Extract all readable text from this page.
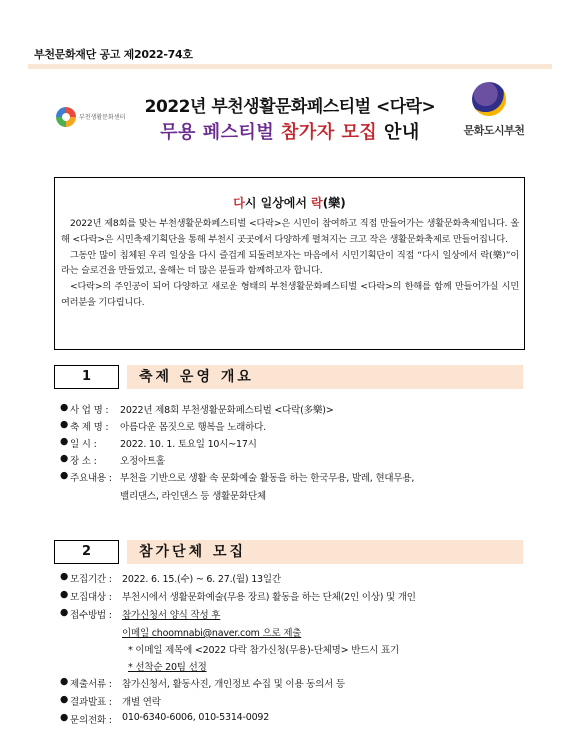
부천문화재단 공고 제2022-74호
부천생활문화센터
2022년 부천생활문화페스티벌 <다락>
무용 페스티벌 참가자 모집 안내	문화도시부천
다시 일상에서 락(樂)

2022년 제8회를 맞는 부천생활문화페스티벌 <다락>은 시민이 참여하고 직접 만들어가는 생활문화축제입니다. 올해 <다락>은 시민축제기획단을 통해 부천시 곳곳에서 다양하게 펼쳐지는 크고 작은 생활문화축제로 만들어집니다.

그동안 많이 침체된 우리 일상을 다시 즐겁게 되돌려보자는 마음에서 시민기획단이 직접 “다시 일상에서 락(樂)”이라는 슬로건을 만들었고, 올해는 더 많은 분들과 함께하고자 합니다.

<다락>의 주인공이 되어 다양하고 새로운 형태의 부천생활문화페스티벌 <다락>의 한해를 함께 만들어가실 시민 여러분을 기다립니다.

1	축제 운영 개요
● 사 업 명 : 2022년 제8회 부천생활문화페스티벌 <다락(多樂)>
● 축 제 명 : 아름다운 몸짓으로 행복을 노래하다.
● 일 시 : 2022. 10. 1. 토요일 10시~17시
● 장 소 : 오정아트홀
● 주요내용 : 부천을 기반으로 생활 속 문화예술 활동을 하는 한국무용, 발레, 현대무용,
밸리댄스, 라인댄스 등 생활문화단체
2	참가단체 모집
● 모집기간 : 2022. 6. 15.(수) ~ 6. 27.(월) 13일간
● 모집대상 : 부천시에서 생활문화예술(무용 장르) 활동을 하는 단체(2인 이상) 및 개인
● 접수방법 : 참가신청서 양식 작성 후
이메일 choomnabi@naver.com 으로 제출
* 이메일 제목에 <2022 다락 참가신청(무용)-단체명> 반드시 표기
* 선착순 20팀 선정
● 제출서류 : 참가신청서, 활동사진, 개인정보 수집 및 이용 동의서 등
● 결과발표 : 개별 연락
● 문의전화 : 010-6340-6006, 010-5314-0092
